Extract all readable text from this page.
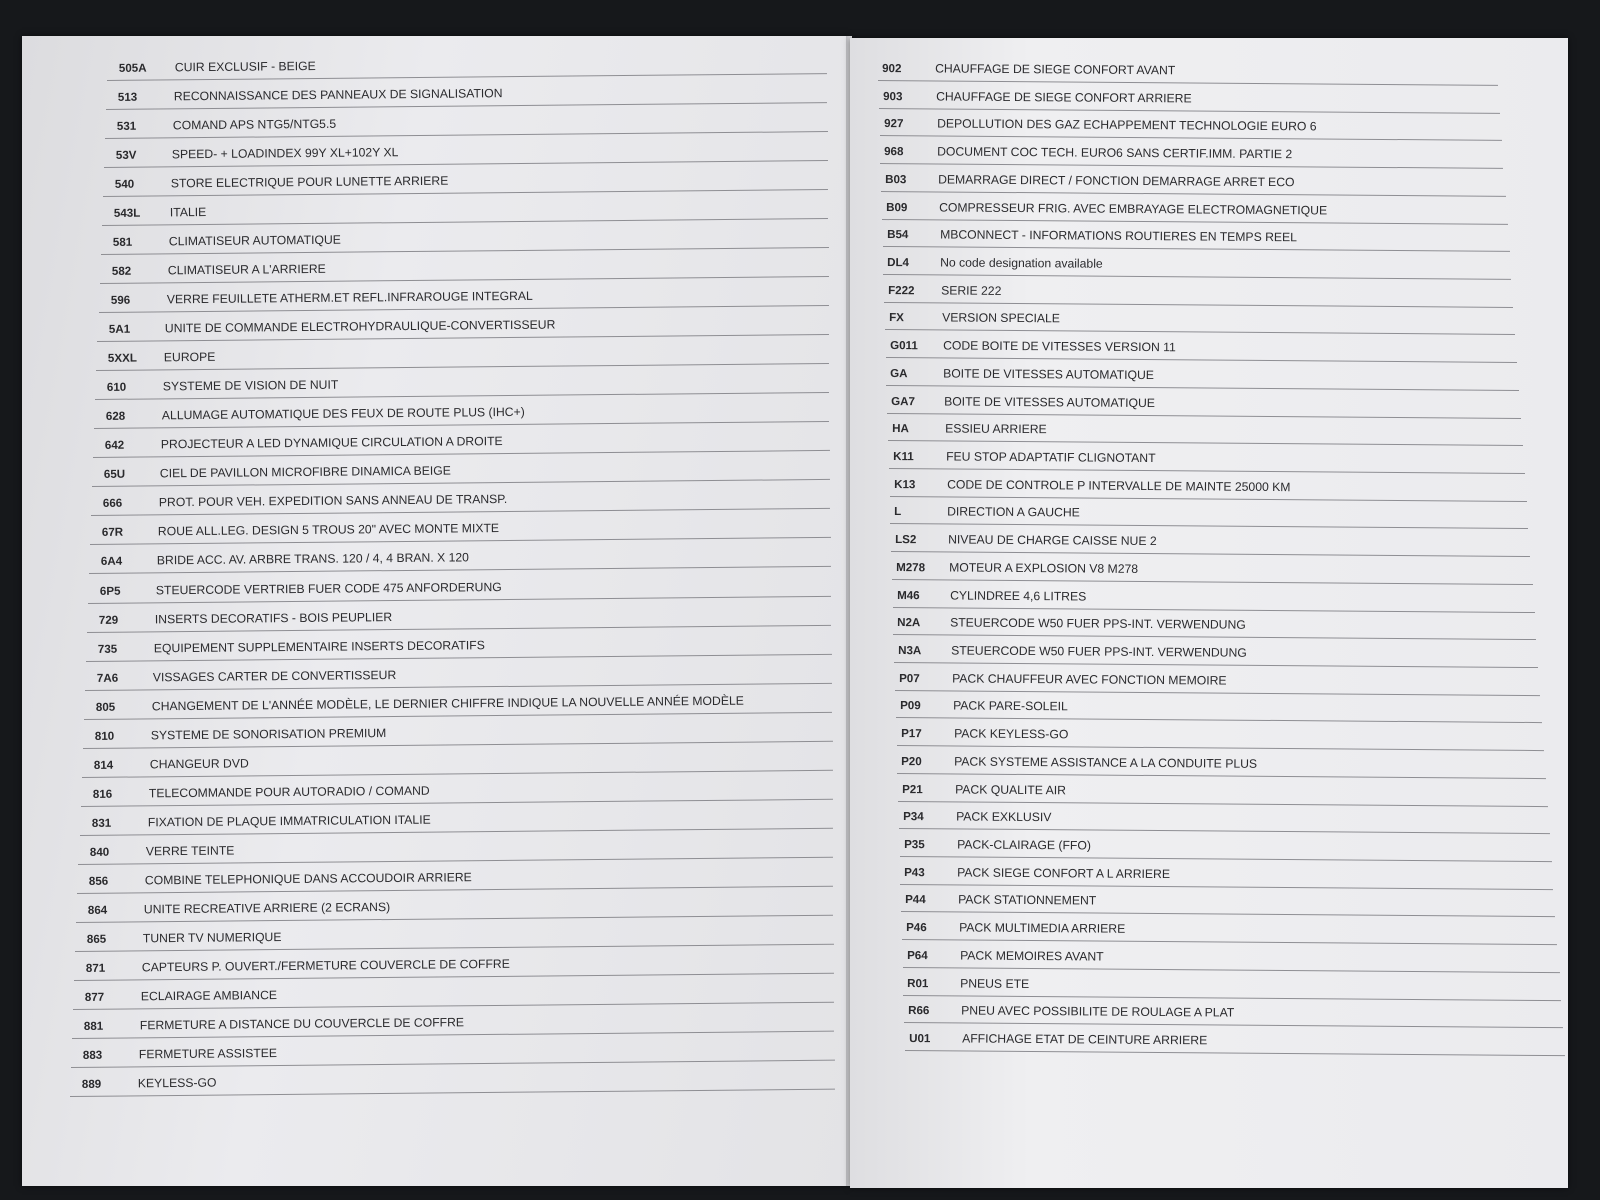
505A CUIR EXCLUSIF - BEIGE
513	RECONNAISSANCE DES PANNEAUX DE SIGNALISATION
531	COMAND APS NTG5/NTG5.5
53V	SPEED- + LOADINDEX 99Y XL+102Y XL
540	STORE ELECTRIQUE POUR LUNETTE ARRIERE
543L ITALIE
581	CLIMATISEUR AUTOMATIQUE
582	CLIMATISEUR A L'ARRIERE
596	VERRE FEUILLETE ATHERM.ET REFL.INFRAROUGE INTEGRAL
5A1	UNITE DE COMMANDE ELECTROHYDRAULIQUE-CONVERTISSEUR
5XXL EUROPE
610	SYSTEME DE VISION DE NUIT
628	ALLUMAGE AUTOMATIQUE DES FEUX DE ROUTE PLUS (IHC+)
642	PROJECTEUR A LED DYNAMIQUE CIRCULATION A DROITE
65U	CIEL DE PAVILLON MICROFIBRE DINAMICA BEIGE
666	PROT. POUR VEH. EXPEDITION SANS ANNEAU DE TRANSP.
67R	ROUE ALL.LEG. DESIGN 5 TROUS 20" AVEC MONTE MIXTE
6A4	BRIDE ACC. AV. ARBRE TRANS. 120 / 4, 4 BRAN. X 120
6P5	STEUERCODE VERTRIEB FUER CODE 475 ANFORDERUNG
729	INSERTS DECORATIFS - BOIS PEUPLIER
735	EQUIPEMENT SUPPLEMENTAIRE INSERTS DECORATIFS
7A6	VISSAGES CARTER DE CONVERTISSEUR
805	CHANGEMENT DE L'ANNÉE MODÈLE, LE DERNIER CHIFFRE INDIQUE LA NOUVELLE ANNÉE MODÈLE
810	SYSTEME DE SONORISATION PREMIUM
814	CHANGEUR DVD
816	TELECOMMANDE POUR AUTORADIO / COMAND
831	FIXATION DE PLAQUE IMMATRICULATION ITALIE
840	VERRE TEINTE
856	COMBINE TELEPHONIQUE DANS ACCOUDOIR ARRIERE
864	UNITE RECREATIVE ARRIERE (2 ECRANS)
865	TUNER TV NUMERIQUE
871	CAPTEURS P. OUVERT./FERMETURE COUVERCLE DE COFFRE
877	ECLAIRAGE AMBIANCE
881	FERMETURE A DISTANCE DU COUVERCLE DE COFFRE
883	FERMETURE ASSISTEE
889	KEYLESS-GO
902	CHAUFFAGE DE SIEGE CONFORT AVANT
903	CHAUFFAGE DE SIEGE CONFORT ARRIERE
927	DEPOLLUTION DES GAZ ECHAPPEMENT TECHNOLOGIE EURO 6
968	DOCUMENT COC TECH. EURO6 SANS CERTIF.IMM. PARTIE 2
B03	DEMARRAGE DIRECT / FONCTION DEMARRAGE ARRET ECO
B09	COMPRESSEUR FRIG. AVEC EMBRAYAGE ELECTROMAGNETIQUE
B54	MBCONNECT - INFORMATIONS ROUTIERES EN TEMPS REEL
DL4	No code designation available
F222 SERIE 222
FX	VERSION SPECIALE
G011 CODE BOITE DE VITESSES VERSION 11
GA	BOITE DE VITESSES AUTOMATIQUE
GA7 BOITE DE VITESSES AUTOMATIQUE
HA	ESSIEU ARRIERE
K11	FEU STOP ADAPTATIF CLIGNOTANT
K13	CODE DE CONTROLE P INTERVALLE DE MAINTE 25000 KM
L	DIRECTION A GAUCHE
LS2	NIVEAU DE CHARGE CAISSE NUE 2
M278 MOTEUR A EXPLOSION V8 M278
M46 CYLINDREE 4,6 LITRES
N2A STEUERCODE W50 FUER PPS-INT. VERWENDUNG
N3A STEUERCODE W50 FUER PPS-INT. VERWENDUNG
P07	PACK CHAUFFEUR AVEC FONCTION MEMOIRE
P09	PACK PARE-SOLEIL
P17	PACK KEYLESS-GO
P20	PACK SYSTEME ASSISTANCE A LA CONDUITE PLUS
P21	PACK QUALITE AIR
P34	PACK EXKLUSIV
P35	PACK-CLAIRAGE (FFO)
P43	PACK SIEGE CONFORT A L ARRIERE
P44	PACK STATIONNEMENT
P46	PACK MULTIMEDIA ARRIERE
P64	PACK MEMOIRES AVANT
R01	PNEUS ETE
R66	PNEU AVEC POSSIBILITE DE ROULAGE A PLAT
U01	AFFICHAGE ETAT DE CEINTURE ARRIERE
